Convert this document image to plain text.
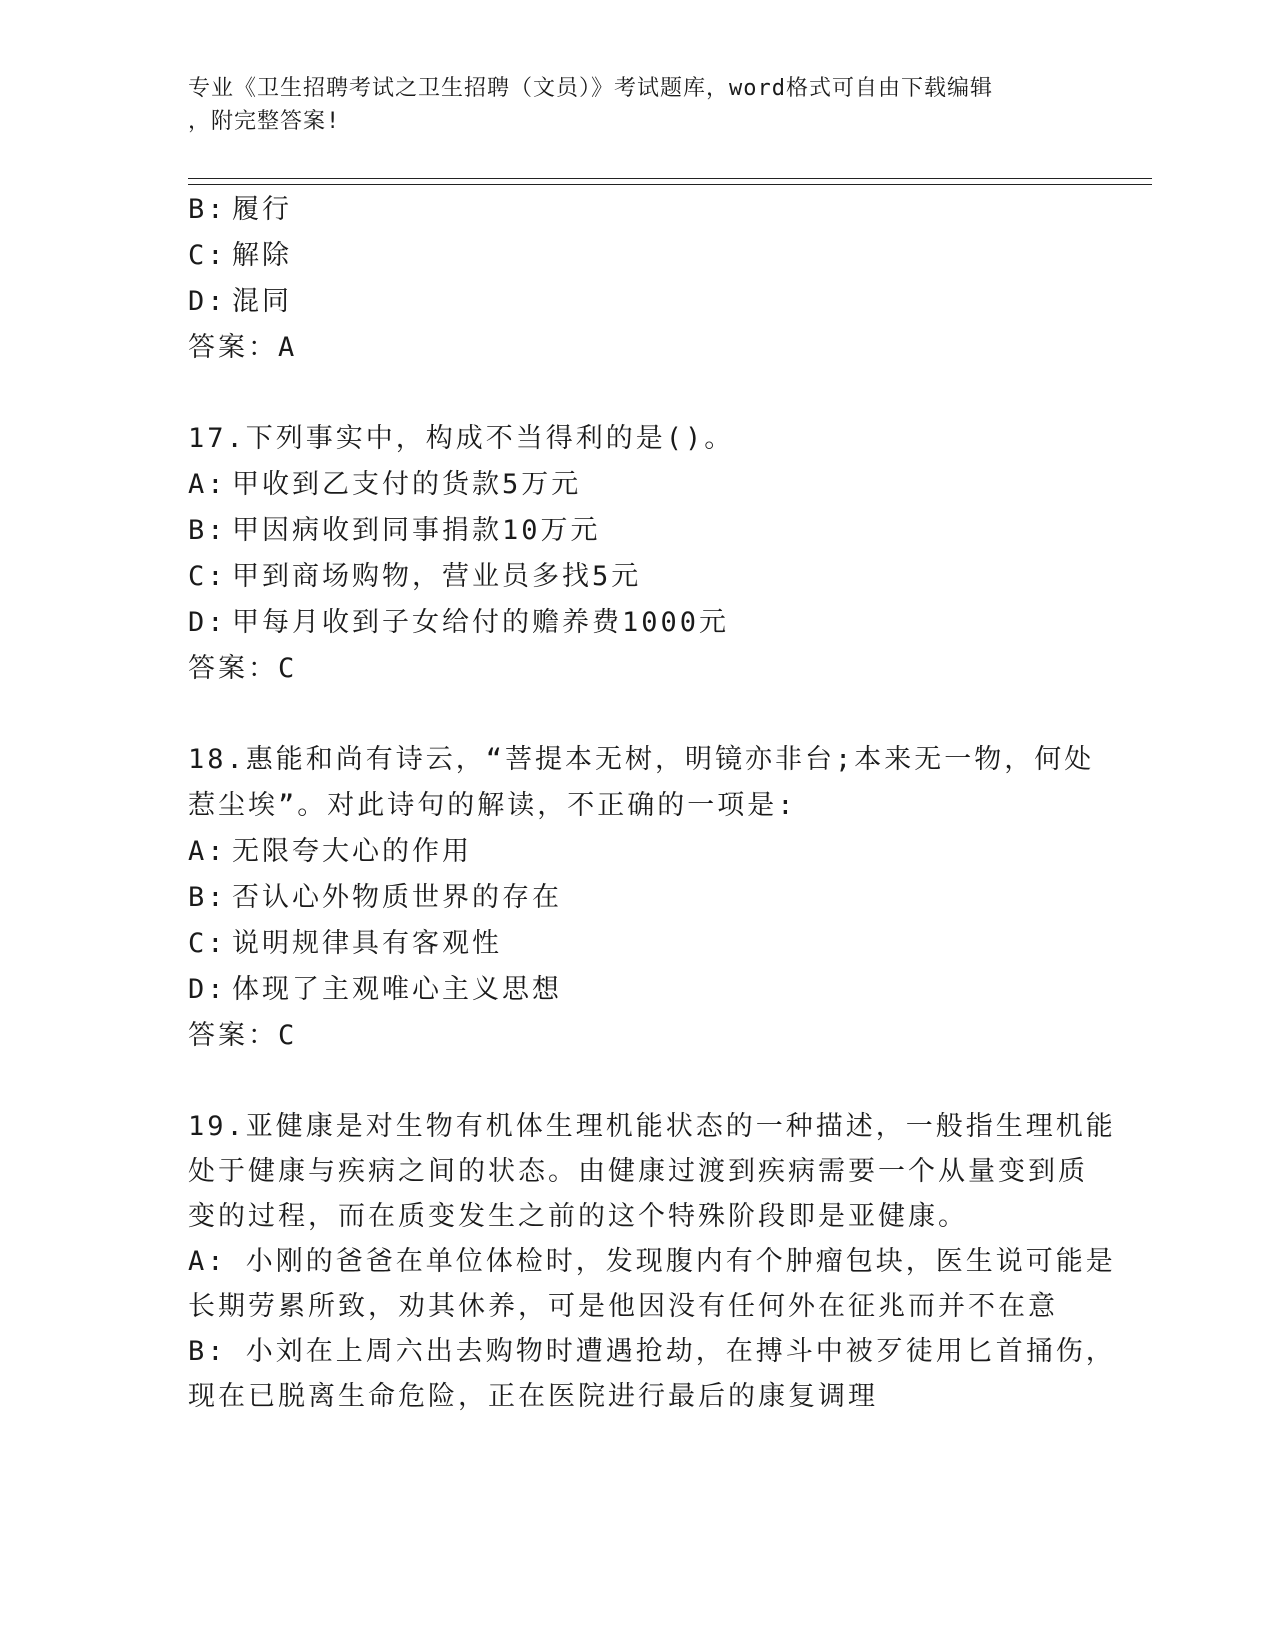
专业《卫生招聘考试之卫生招聘（文员）》考试题库，word格式可自由下载编辑
，附完整答案!
B: 履行
C: 解除
D: 混同
答案：A
17.下列事实中，构成不当得利的是()。
A: 甲收到乙支付的货款5万元
B: 甲因病收到同事捐款10万元
C: 甲到商场购物，营业员多找5元
D: 甲每月收到子女给付的赡养费1000元
答案：C
18.惠能和尚有诗云，“菩提本无树，明镜亦非台;本来无一物，何处
惹尘埃”。对此诗句的解读，不正确的一项是:
A: 无限夸大心的作用
B: 否认心外物质世界的存在
C: 说明规律具有客观性
D: 体现了主观唯心主义思想
答案：C
19.亚健康是对生物有机体生理机能状态的一种描述，一般指生理机能
处于健康与疾病之间的状态。由健康过渡到疾病需要一个从量变到质
变的过程，而在质变发生之前的这个特殊阶段即是亚健康。
A: 小刚的爸爸在单位体检时，发现腹内有个肿瘤包块，医生说可能是
长期劳累所致，劝其休养，可是他因没有任何外在征兆而并不在意
B: 小刘在上周六出去购物时遭遇抢劫，在搏斗中被歹徒用匕首捅伤，
现在已脱离生命危险，正在医院进行最后的康复调理
